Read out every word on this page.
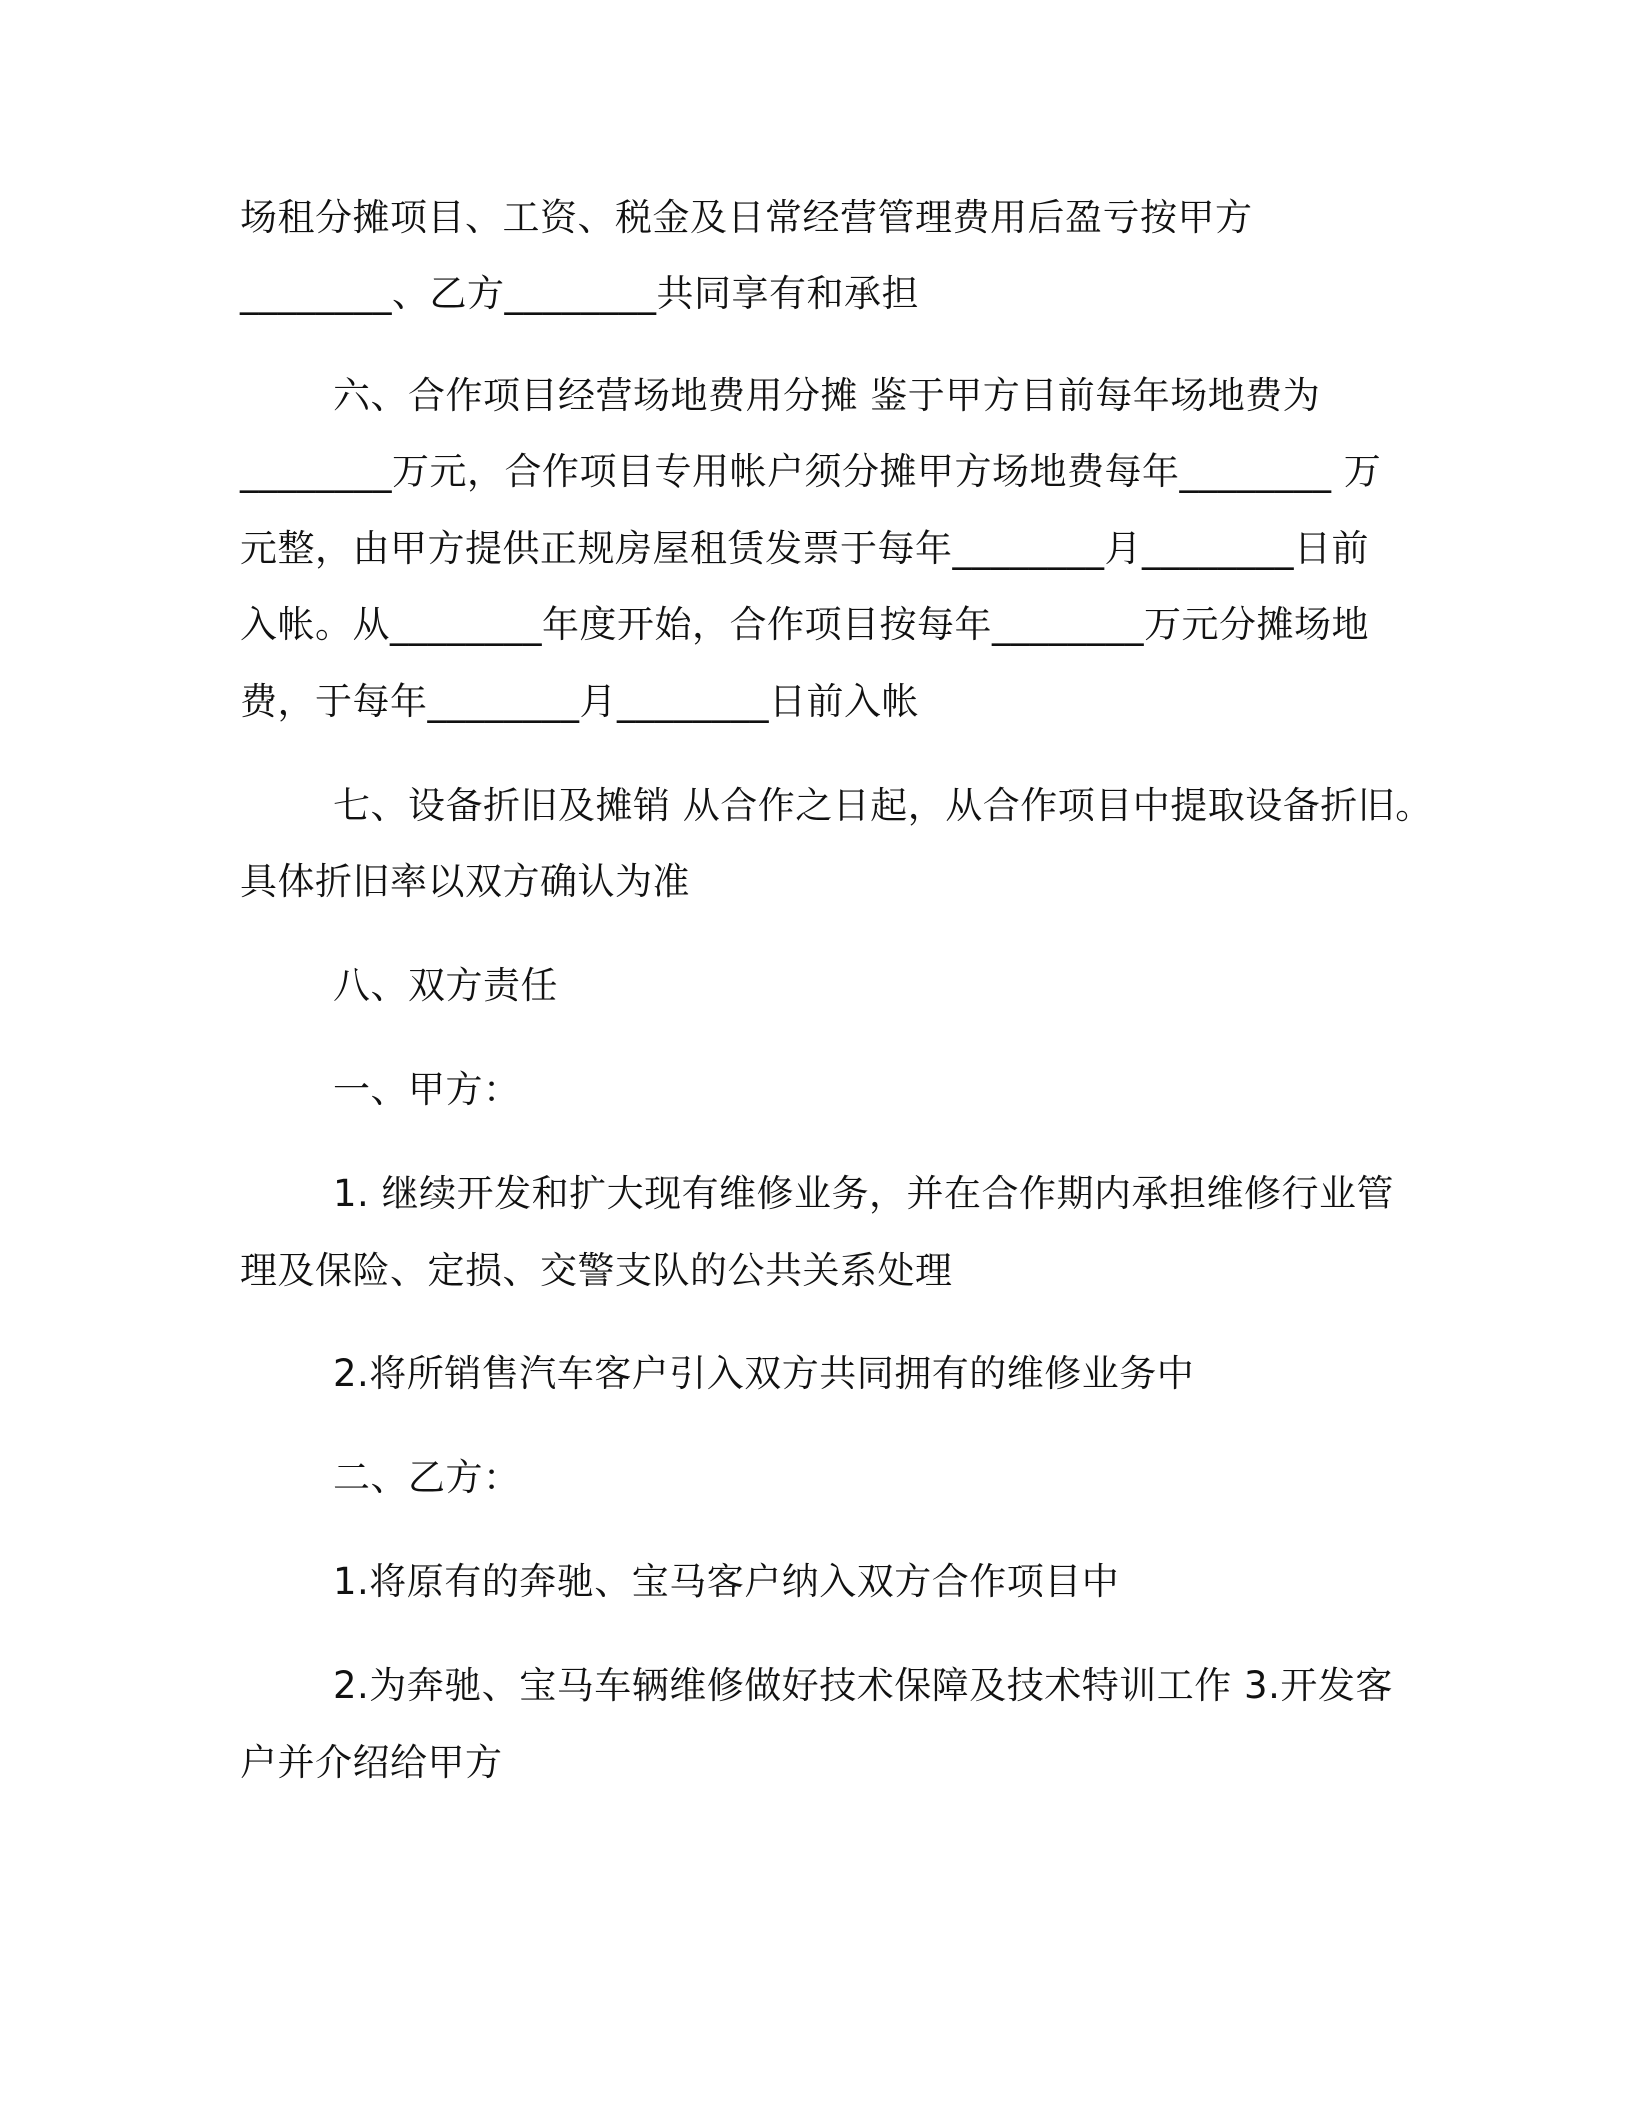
场租分摊项目、工资、税金及日常经营管理费用后盈亏按甲方
________、乙方________共同享有和承担
六、合作项目经营场地费用分摊 鉴于甲方目前每年场地费为
________万元，合作项目专用帐户须分摊甲方场地费每年________ 万
元整，由甲方提供正规房屋租赁发票于每年________月________日前
入帐。从________年度开始，合作项目按每年________万元分摊场地
费，于每年________月________日前入帐
七、设备折旧及摊销 从合作之日起，从合作项目中提取设备折旧。
具体折旧率以双方确认为准
八、双方责任
一、甲方：
1. 继续开发和扩大现有维修业务，并在合作期内承担维修行业管
理及保险、定损、交警支队的公共关系处理
2.将所销售汽车客户引入双方共同拥有的维修业务中
二、乙方：
1.将原有的奔驰、宝马客户纳入双方合作项目中
2.为奔驰、宝马车辆维修做好技术保障及技术特训工作 3.开发客
户并介绍给甲方
